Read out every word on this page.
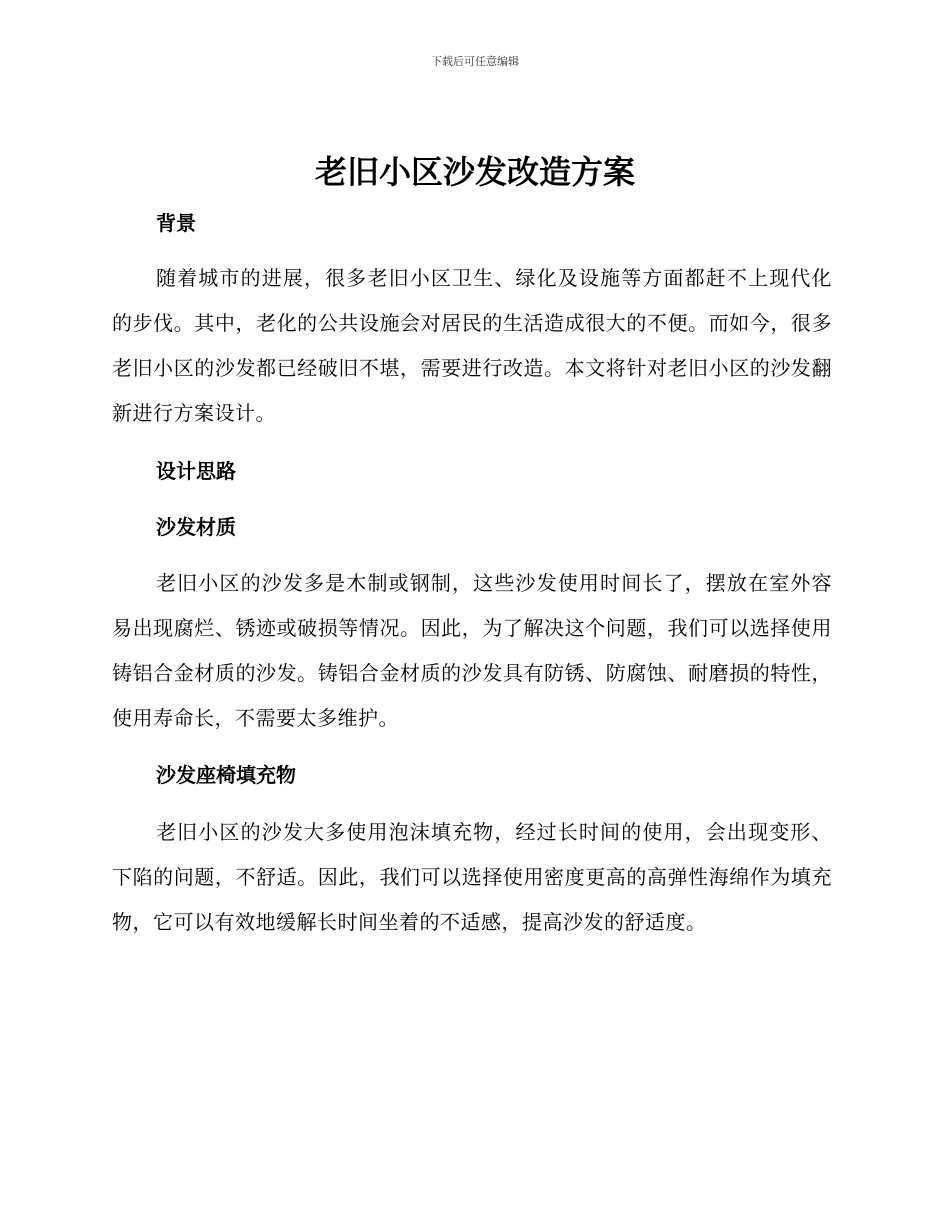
下载后可任意编辑
老旧小区沙发改造方案
背景

随着城市的进展，很多老旧小区卫生、绿化及设施等方面都赶不上现代化的步伐。其中，老化的公共设施会对居民的生活造成很大的不便。而如今，很多老旧小区的沙发都已经破旧不堪，需要进行改造。本文将针对老旧小区的沙发翻新进行方案设计。

设计思路
沙发材质

老旧小区的沙发多是木制或钢制，这些沙发使用时间长了，摆放在室外容易出现腐烂、锈迹或破损等情况。因此，为了解决这个问题，我们可以选择使用铸铝合金材质的沙发。铸铝合金材质的沙发具有防锈、防腐蚀、耐磨损的特性，使用寿命长，不需要太多维护。

沙发座椅填充物

老旧小区的沙发大多使用泡沫填充物，经过长时间的使用，会出现变形、下陷的问题，不舒适。因此，我们可以选择使用密度更高的高弹性海绵作为填充物，它可以有效地缓解长时间坐着的不适感，提高沙发的舒适度。
